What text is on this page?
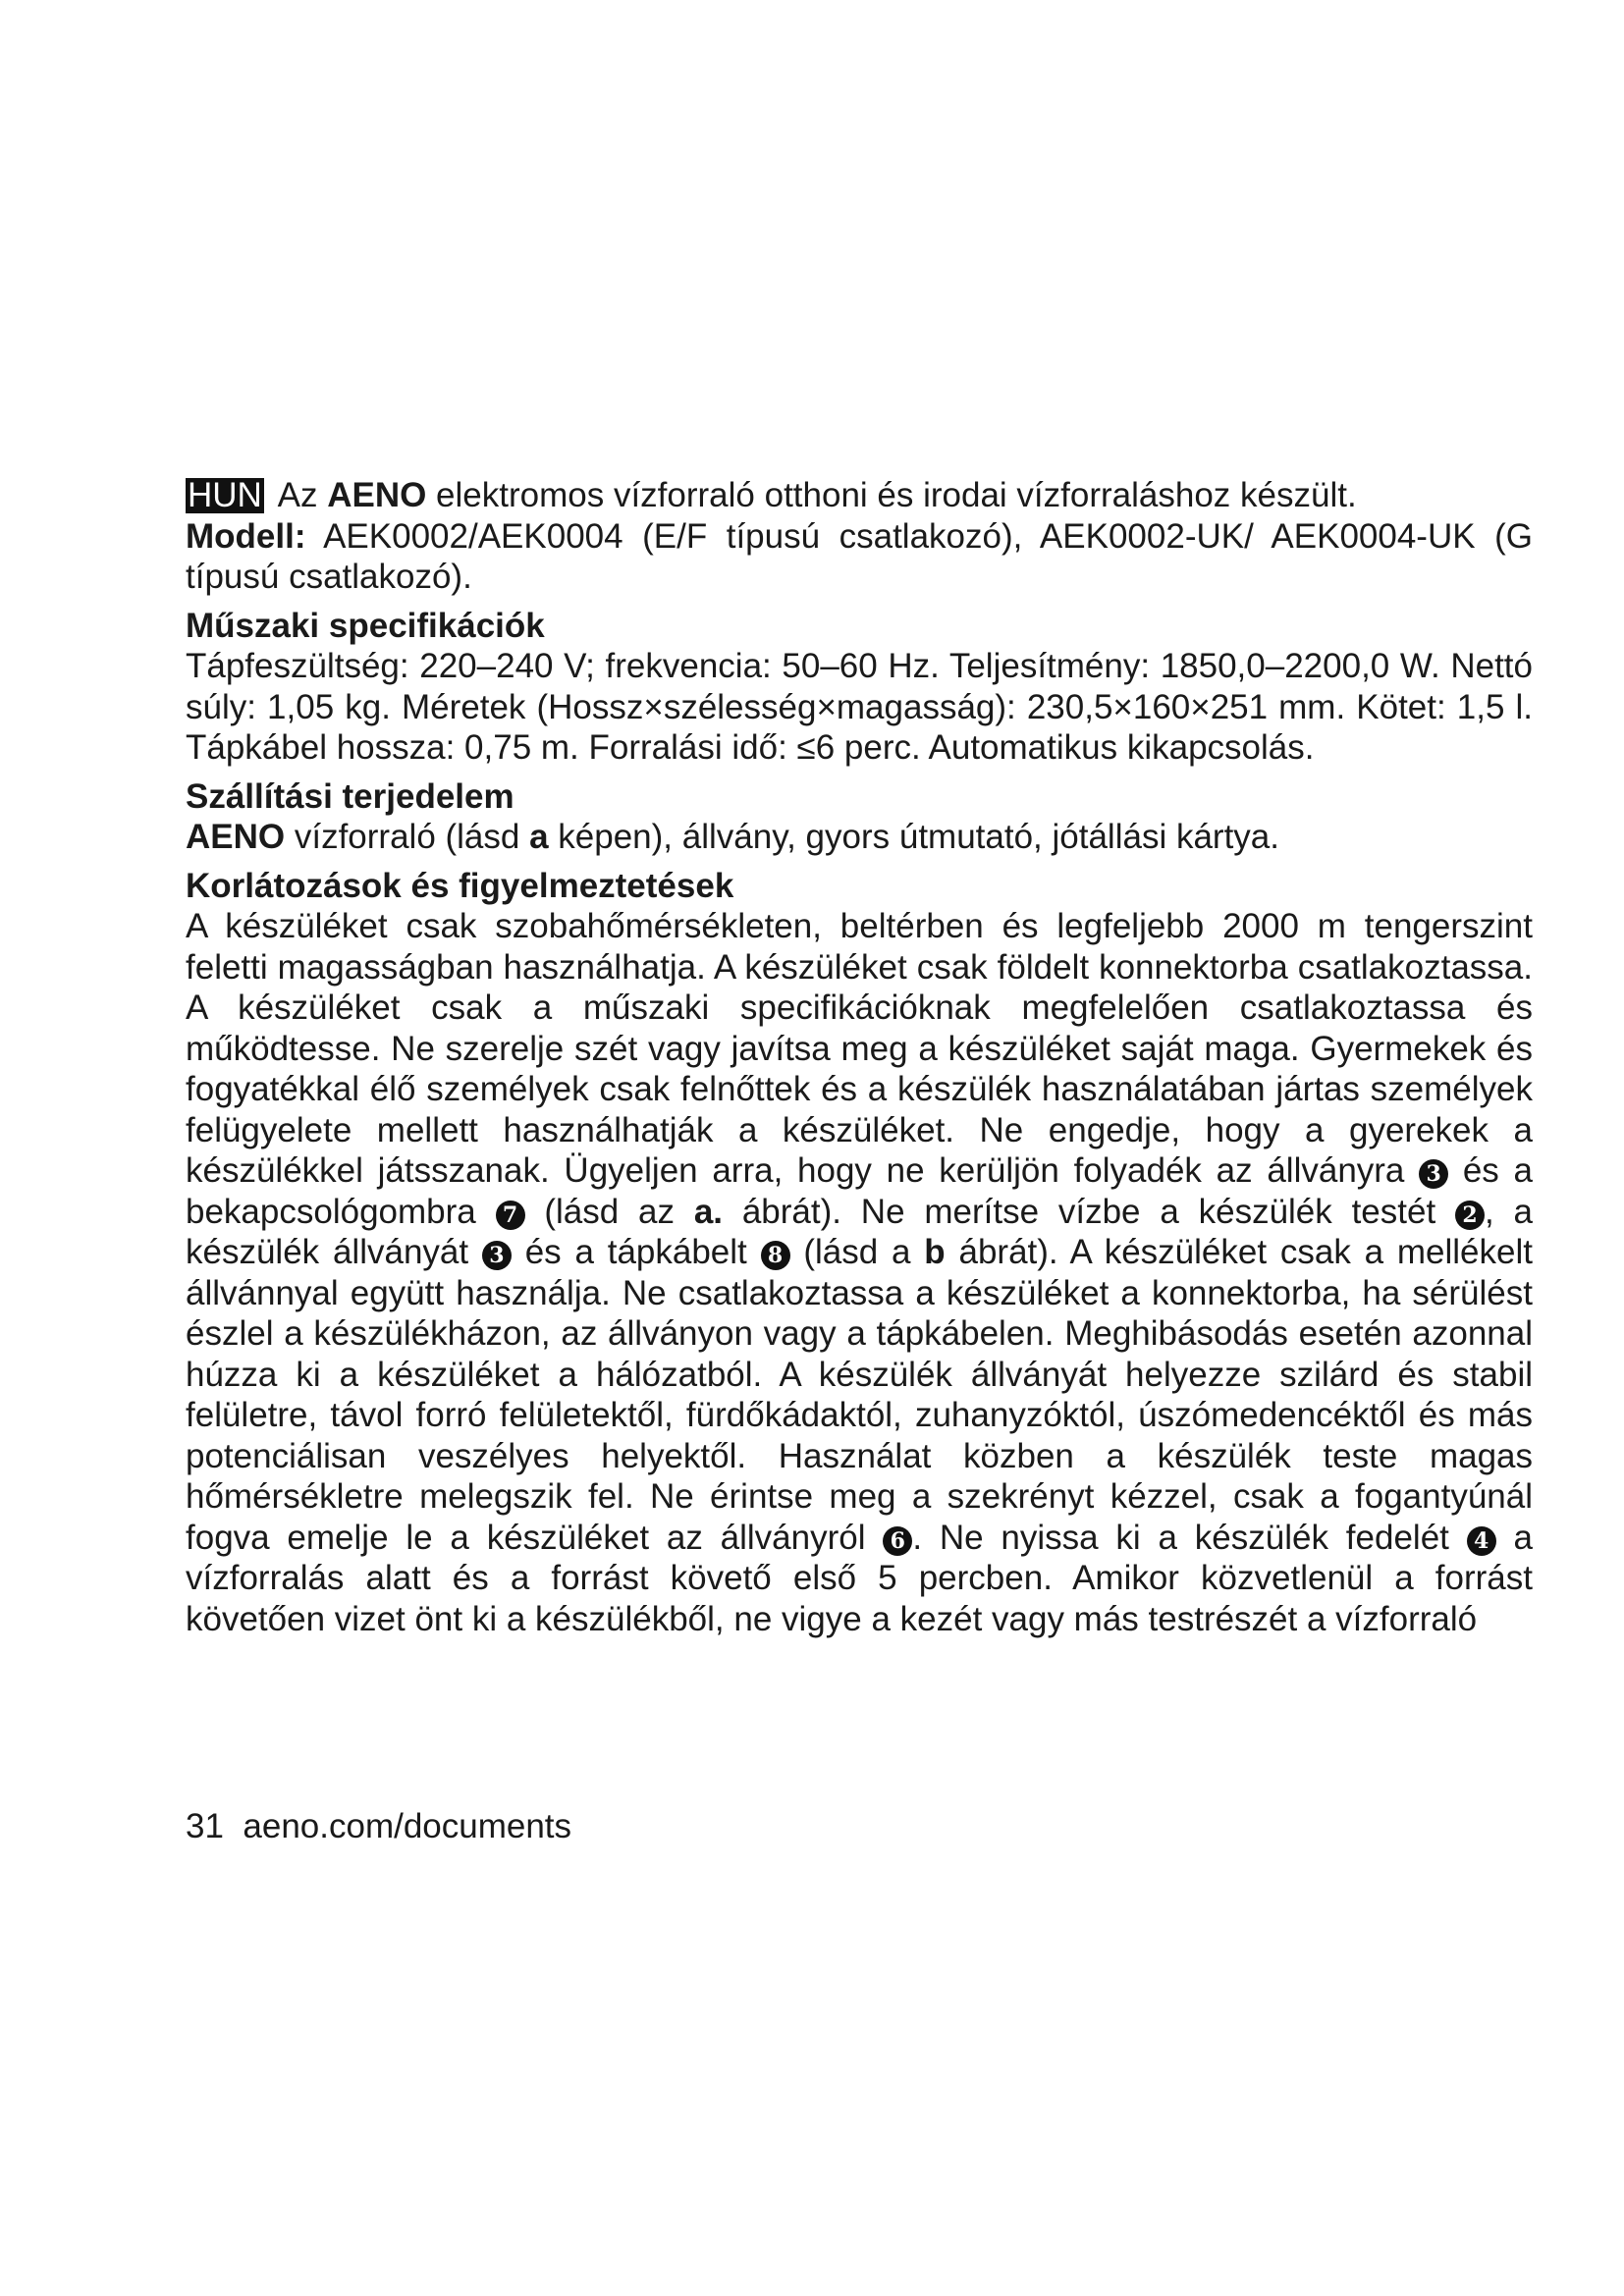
HUN Az AENO elektromos vízforraló otthoni és irodai vízforraláshoz készült.
Modell: AEK0002/AEK0004 (E/F típusú csatlakozó), AEK0002-UK/ AEK0004-UK (G típusú csatlakozó).

Műszaki specifikációk

Tápfeszültség: 220–240 V; frekvencia: 50–60 Hz. Teljesítmény: 1850,0–2200,0 W. Nettó súly: 1,05 kg. Méretek (Hossz×szélesség×magasság): 230,5×160×251 mm. Kötet: 1,5 l. Tápkábel hossza: 0,75 m. Forralási idő: ≤6 perc. Automatikus kikapcsolás.

Szállítási terjedelem

AENO vízforraló (lásd a képen), állvány, gyors útmutató, jótállási kártya.

Korlátozások és figyelmeztetések

A készüléket csak szobahőmérsékleten, beltérben és legfeljebb 2000 m tengerszint feletti magasságban használhatja. A készüléket csak földelt konnektorba csatlakoztassa. A készüléket csak a műszaki specifikációknak megfelelően csatlakoztassa és működtesse. Ne szerelje szét vagy javítsa meg a készüléket saját maga. Gyermekek és fogyatékkal élő személyek csak felnőttek és a készülék használatában jártas személyek felügyelete mellett használhatják a készüléket. Ne engedje, hogy a gyerekek a készülékkel játsszanak. Ügyeljen arra, hogy ne kerüljön folyadék az állványra 3 és a bekapcsológombra 7 (lásd az a. ábrát). Ne merítse vízbe a készülék testét 2 , a készülék állványát 3 és a tápkábelt 8 (lásd a b ábrát). A készüléket csak a mellékelt állvánnyal együtt használja. Ne csatlakoztassa a készüléket a konnektorba, ha sérülést észlel a készülékházon, az állványon vagy a tápkábelen. Meghibásodás esetén azonnal húzza ki a készüléket a hálózatból. A készülék állványát helyezze szilárd és stabil felületre, távol forró felületektől, fürdőkádaktól, zuhanyzóktól, úszómedencéktől és más potenciálisan veszélyes helyektől. Használat közben a készülék teste magas hőmérsékletre melegszik fel. Ne érintse meg a szekrényt kézzel, csak a fogantyúnál fogva emelje le a készüléket az állványról 6 . Ne nyissa ki a készülék fedelét 4 a vízforralás alatt és a forrást követő első 5 percben. Amikor közvetlenül a forrást követően vizet önt ki a készülékből, ne vigye a kezét vagy más testrészét a vízforraló

31 aeno.com/documents
